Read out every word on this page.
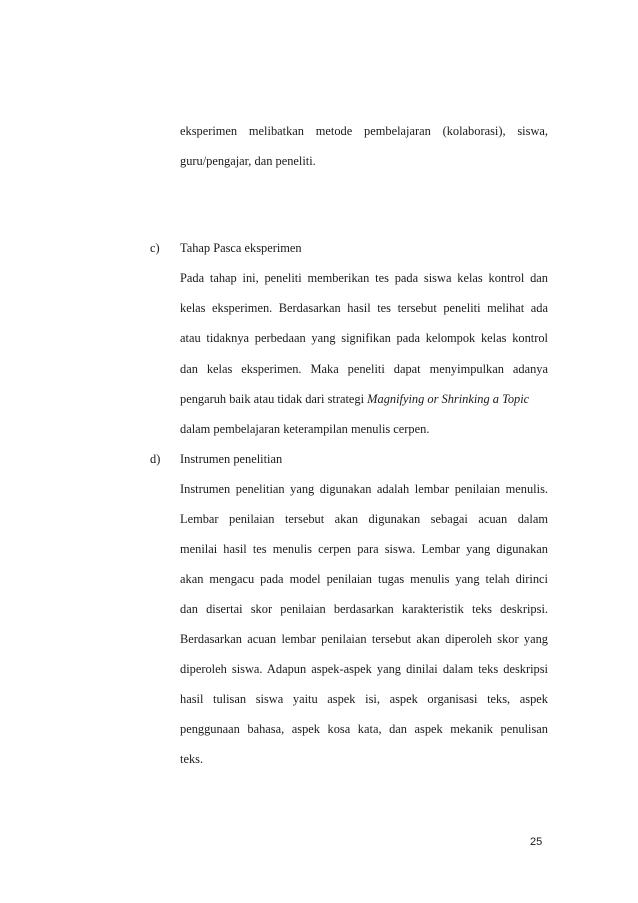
eksperimen melibatkan metode pembelajaran (kolaborasi), siswa,
guru/pengajar, dan peneliti.
c) Tahap Pasca eksperimen
Pada tahap ini, peneliti memberikan tes pada siswa kelas kontrol dan
kelas eksperimen. Berdasarkan hasil tes tersebut peneliti melihat ada
atau tidaknya perbedaan yang signifikan pada kelompok kelas kontrol
dan kelas eksperimen. Maka peneliti dapat menyimpulkan adanya
pengaruh baik atau tidak dari strategi Magnifying or Shrinking a Topic
dalam pembelajaran keterampilan menulis cerpen.
d) Instrumen penelitian
Instrumen penelitian yang digunakan adalah lembar penilaian menulis.
Lembar penilaian tersebut akan digunakan sebagai acuan dalam
menilai hasil tes menulis cerpen para siswa. Lembar yang digunakan
akan mengacu pada model penilaian tugas menulis yang telah dirinci
dan disertai skor penilaian berdasarkan karakteristik teks deskripsi.
Berdasarkan acuan lembar penilaian tersebut akan diperoleh skor yang
diperoleh siswa. Adapun aspek-aspek yang dinilai dalam teks deskripsi
hasil tulisan siswa yaitu aspek isi, aspek organisasi teks, aspek
penggunaan bahasa, aspek kosa kata, dan aspek mekanik penulisan
teks.
25
